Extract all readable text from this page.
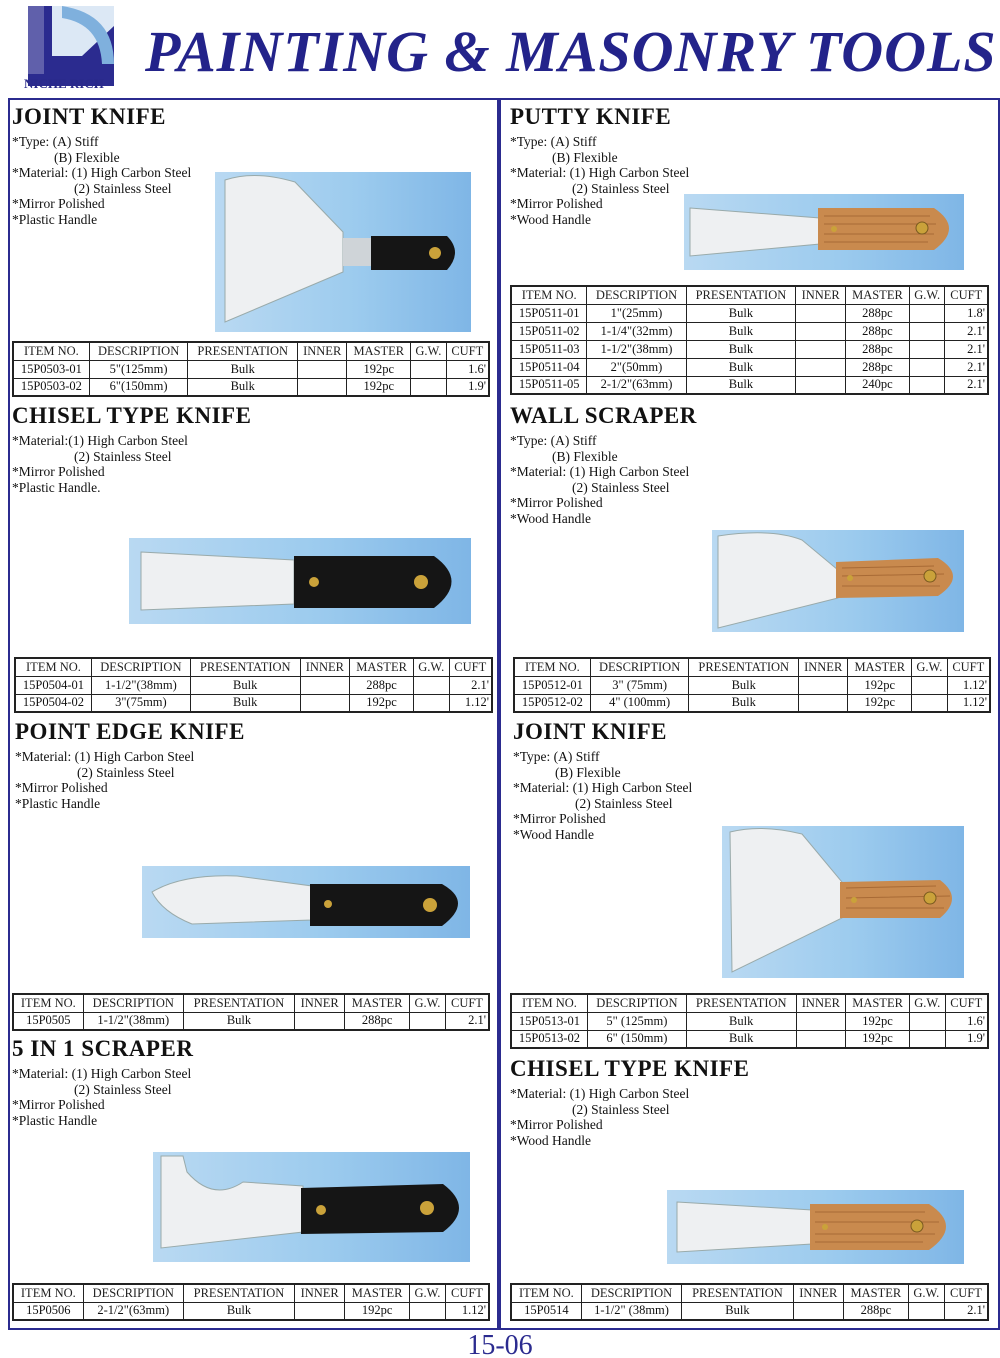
NICHE RICH PAINTING & MASONRY TOOLS
JOINT KNIFE
*Type: (A) Stiff
(B) Flexible
*Material: (1) High Carbon Steel
(2) Stainless Steel
*Mirror Polished
*Plastic Handle
ITEM NO.	DESCRIPTION	PRESENTATION	INNER	MASTER	G.W.	CUFT
15P0503-01	5"(125mm)	Bulk		192pc		1.6'
15P0503-02	6"(150mm)	Bulk		192pc		1.9'
CHISEL TYPE KNIFE
*Material:(1) High Carbon Steel
(2) Stainless Steel
*Mirror Polished
*Plastic Handle.
ITEM NO.	DESCRIPTION	PRESENTATION	INNER	MASTER	G.W.	CUFT
15P0504-01	1-1/2"(38mm)	Bulk		288pc		2.1'
15P0504-02	3"(75mm)	Bulk		192pc		1.12'
POINT EDGE KNIFE
*Material: (1) High Carbon Steel
(2) Stainless Steel
*Mirror Polished
*Plastic Handle
ITEM NO.	DESCRIPTION	PRESENTATION	INNER	MASTER	G.W.	CUFT
15P0505	1-1/2"(38mm)	Bulk		288pc		2.1'
5 IN 1 SCRAPER
*Material: (1) High Carbon Steel
(2) Stainless Steel
*Mirror Polished
*Plastic Handle
ITEM NO.	DESCRIPTION	PRESENTATION	INNER	MASTER	G.W.	CUFT
15P0506	2-1/2"(63mm)	Bulk		192pc		1.12'
PUTTY KNIFE
*Type: (A) Stiff
(B) Flexible
*Material: (1) High Carbon Steel
(2) Stainless Steel
*Mirror Polished
*Wood Handle
ITEM NO.	DESCRIPTION	PRESENTATION	INNER	MASTER	G.W.	CUFT
15P0511-01	1"(25mm)	Bulk		288pc		1.8'
15P0511-02	1-1/4"(32mm)	Bulk		288pc		2.1'
15P0511-03	1-1/2"(38mm)	Bulk		288pc		2.1'
15P0511-04	2"(50mm)	Bulk		288pc		2.1'
15P0511-05	2-1/2"(63mm)	Bulk		240pc		2.1'
WALL SCRAPER
*Type: (A) Stiff
(B) Flexible
*Material: (1) High Carbon Steel
(2) Stainless Steel
*Mirror Polished
*Wood Handle
ITEM NO.	DESCRIPTION	PRESENTATION	INNER	MASTER	G.W.	CUFT
15P0512-01	3" (75mm)	Bulk		192pc		1.12'
15P0512-02	4" (100mm)	Bulk		192pc		1.12'
JOINT KNIFE
*Type: (A) Stiff
(B) Flexible
*Material: (1) High Carbon Steel
(2) Stainless Steel
*Mirror Polished
*Wood Handle
ITEM NO.	DESCRIPTION	PRESENTATION	INNER	MASTER	G.W.	CUFT
15P0513-01	5" (125mm)	Bulk		192pc		1.6'
15P0513-02	6" (150mm)	Bulk		192pc		1.9'
CHISEL TYPE KNIFE
*Material: (1) High Carbon Steel
(2) Stainless Steel
*Mirror Polished
*Wood Handle
ITEM NO.	DESCRIPTION	PRESENTATION	INNER	MASTER	G.W.	CUFT
15P0514	1-1/2" (38mm)	Bulk		288pc		2.1'
15-06
